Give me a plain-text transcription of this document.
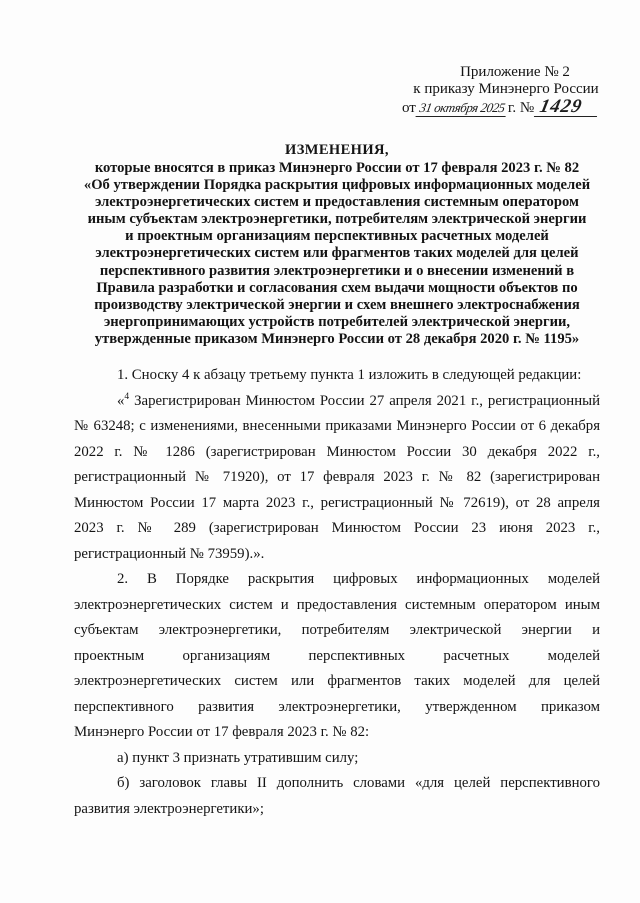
Приложение № 2
к приказу Минэнерго России
от 31 октября 2025 г. № 1429
ИЗМЕНЕНИЯ,
которые вносятся в приказ Минэнерго России от 17 февраля 2023 г. № 82
«Об утверждении Порядка раскрытия цифровых информационных моделей
электроэнергетических систем и предоставления системным оператором
иным субъектам электроэнергетики, потребителям электрической энергии
и проектным организациям перспективных расчетных моделей
электроэнергетических систем или фрагментов таких моделей для целей
перспективного развития электроэнергетики и о внесении изменений в
Правила разработки и согласования схем выдачи мощности объектов по
производству электрической энергии и схем внешнего электроснабжения
энергопринимающих устройств потребителей электрической энергии,
утвержденные приказом Минэнерго России от 28 декабря 2020 г. № 1195»
1. Сноску 4 к абзацу третьему пункта 1 изложить в следующей редакции:
«$^4$ Зарегистрирован Минюстом России 27 апреля 2021 г., регистрационный
№ 63248; с изменениями, внесенными приказами Минэнерго России от 6 декабря
2022 г. № 1286 (зарегистрирован Минюстом России 30 декабря 2022 г.,
регистрационный № 71920), от 17 февраля 2023 г. № 82 (зарегистрирован
Минюстом России 17 марта 2023 г., регистрационный № 72619), от 28 апреля
2023 г. № 289 (зарегистрирован Минюстом России 23 июня 2023 г.,
регистрационный № 73959).».
2. В Порядке раскрытия цифровых информационных моделей
электроэнергетических систем и предоставления системным оператором иным
субъектам электроэнергетики, потребителям электрической энергии и
проектным организациям перспективных расчетных моделей
электроэнергетических систем или фрагментов таких моделей для целей
перспективного развития электроэнергетики, утвержденном приказом
Минэнерго России от 17 февраля 2023 г. № 82:
а) пункт 3 признать утратившим силу;
б) заголовок главы II дополнить словами «для целей перспективного
развития электроэнергетики»;
